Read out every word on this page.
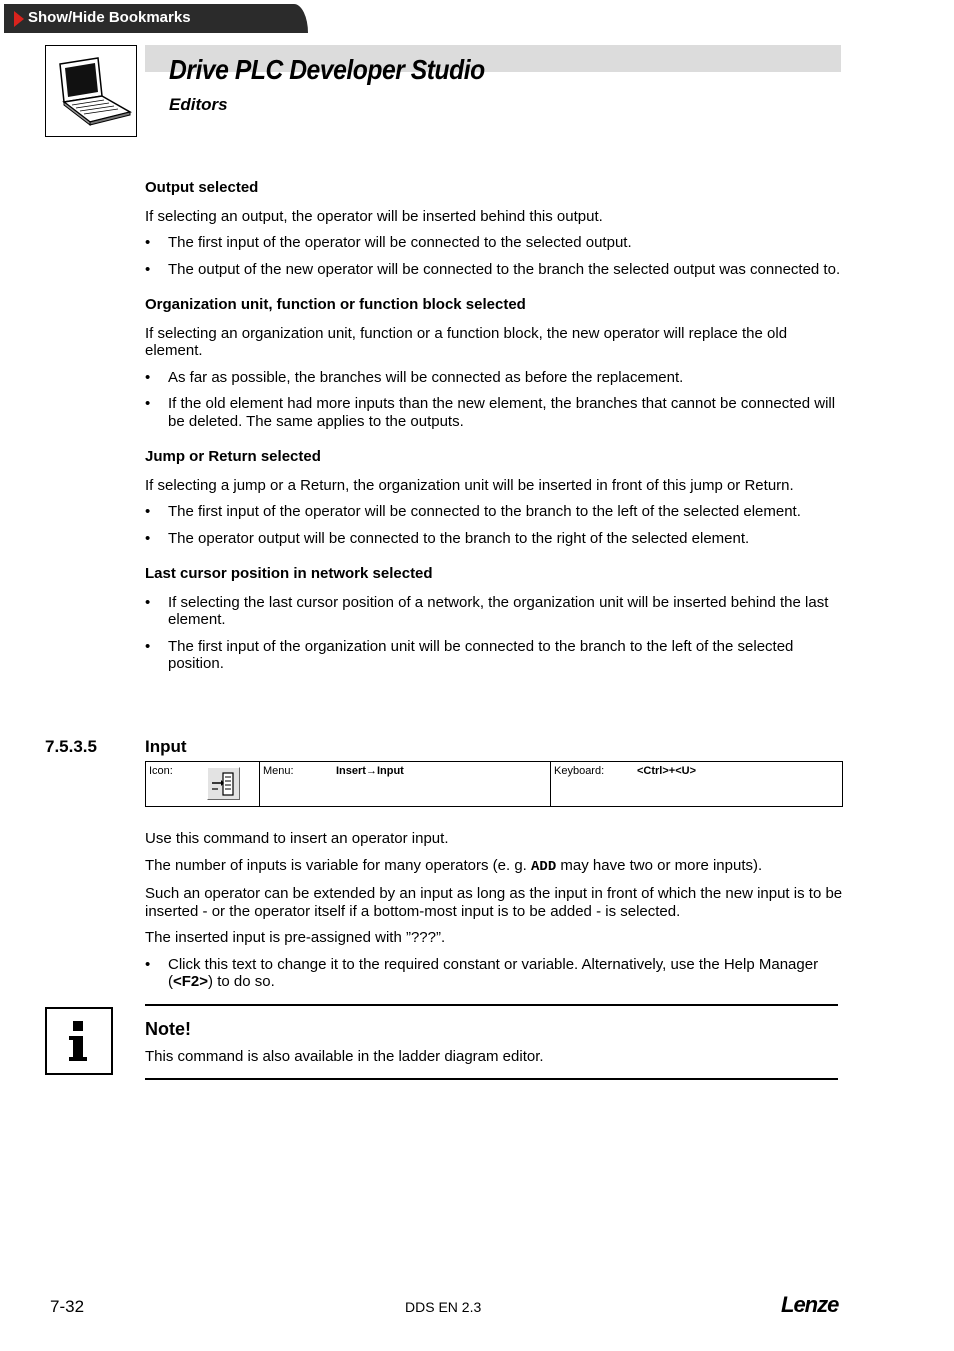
Show/Hide Bookmarks
Drive PLC Developer Studio
Editors
Output selected

If selecting an output, the operator will be inserted behind this output.

• The first input of the operator will be connected to the selected output.
• The output of the new operator will be connected to the branch the selected output was connected to.
Organization unit, function or function block selected

If selecting an organization unit, function or a function block, the new operator will replace the old element.

• As far as possible, the branches will be connected as before the replacement.
• If the old element had more inputs than the new element, the branches that cannot be connected will be deleted. The same applies to the outputs.
Jump or Return selected

If selecting a jump or a Return, the organization unit will be inserted in front of this jump or Return.

• The first input of the operator will be connected to the branch to the left of the selected element.
• The operator output will be connected to the branch to the right of the selected element.
Last cursor position in network selected
• If selecting the last cursor position of a network, the organization unit will be inserted behind the last element.
• The first input of the organization unit will be connected to the branch to the left of the selected position.
7.5.3.5	Input
Icon:	Menu:	Insert→Input	Keyboard:	<Ctrl>+<U>

Use this command to insert an operator input.

The number of inputs is variable for many operators (e. g. ADD may have two or more inputs).

Such an operator can be extended by an input as long as the input in front of which the new input is to be inserted - or the operator itself if a bottom-most input is to be added - is selected.

The inserted input is pre-assigned with ”???”.

• Click this text to change it to the required constant or variable. Alternatively, use the Help Manager (<F2>) to do so.
Note!
This command is also available in the ladder diagram editor.
7-32	DDS EN 2.3	Lenze
